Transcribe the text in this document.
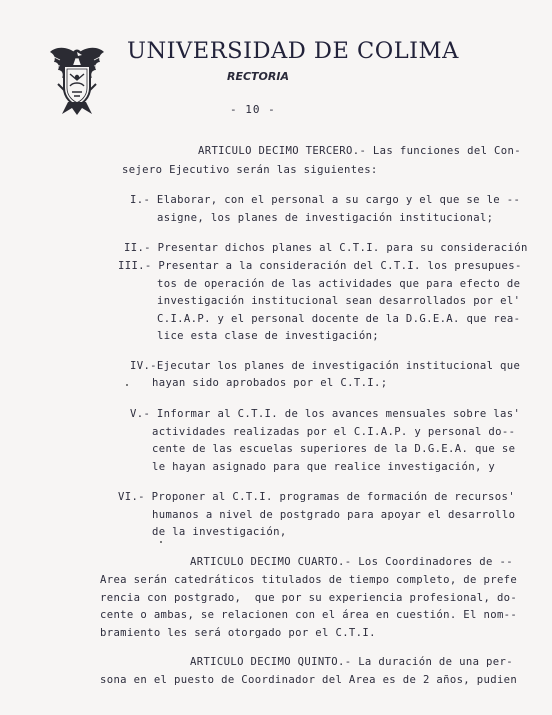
UNIVERSIDAD DE COLIMA
RECTORIA
- 10 -
ARTICULO DECIMO TERCERO.- Las funciones del Con-
sejero Ejecutivo serán las siguientes:
I.- Elaborar, con el personal a su cargo y el que se le --
asigne, los planes de investigación institucional;
II.- Presentar dichos planes al C.T.I. para su consideración
III.- Presentar a la consideración del C.T.I. los presupues-
tos de operación de las actividades que para efecto de
investigación institucional sean desarrollados por el'
C.I.A.P. y el personal docente de la D.G.E.A. que rea-
lice esta clase de investigación;
IV.-Ejecutar los planes de investigación institucional que
hayan sido aprobados por el C.T.I.;
V.- Informar al C.T.I. de los avances mensuales sobre las'
actividades realizadas por el C.I.A.P. y personal do--
cente de las escuelas superiores de la D.G.E.A. que se
le hayan asignado para que realice investigación, y
VI.- Proponer al C.T.I. programas de formación de recursos'
humanos a nivel de postgrado para apoyar el desarrollo
de la investigación,
ARTICULO DECIMO CUARTO.- Los Coordinadores de --
Area serán catedráticos titulados de tiempo completo, de prefe
rencia con postgrado,  que por su experiencia profesional, do-
cente o ambas, se relacionen con el área en cuestión. El nom--
bramiento les será otorgado por el C.T.I.
ARTICULO DECIMO QUINTO.- La duración de una per-
sona en el puesto de Coordinador del Area es de 2 años, pudien
